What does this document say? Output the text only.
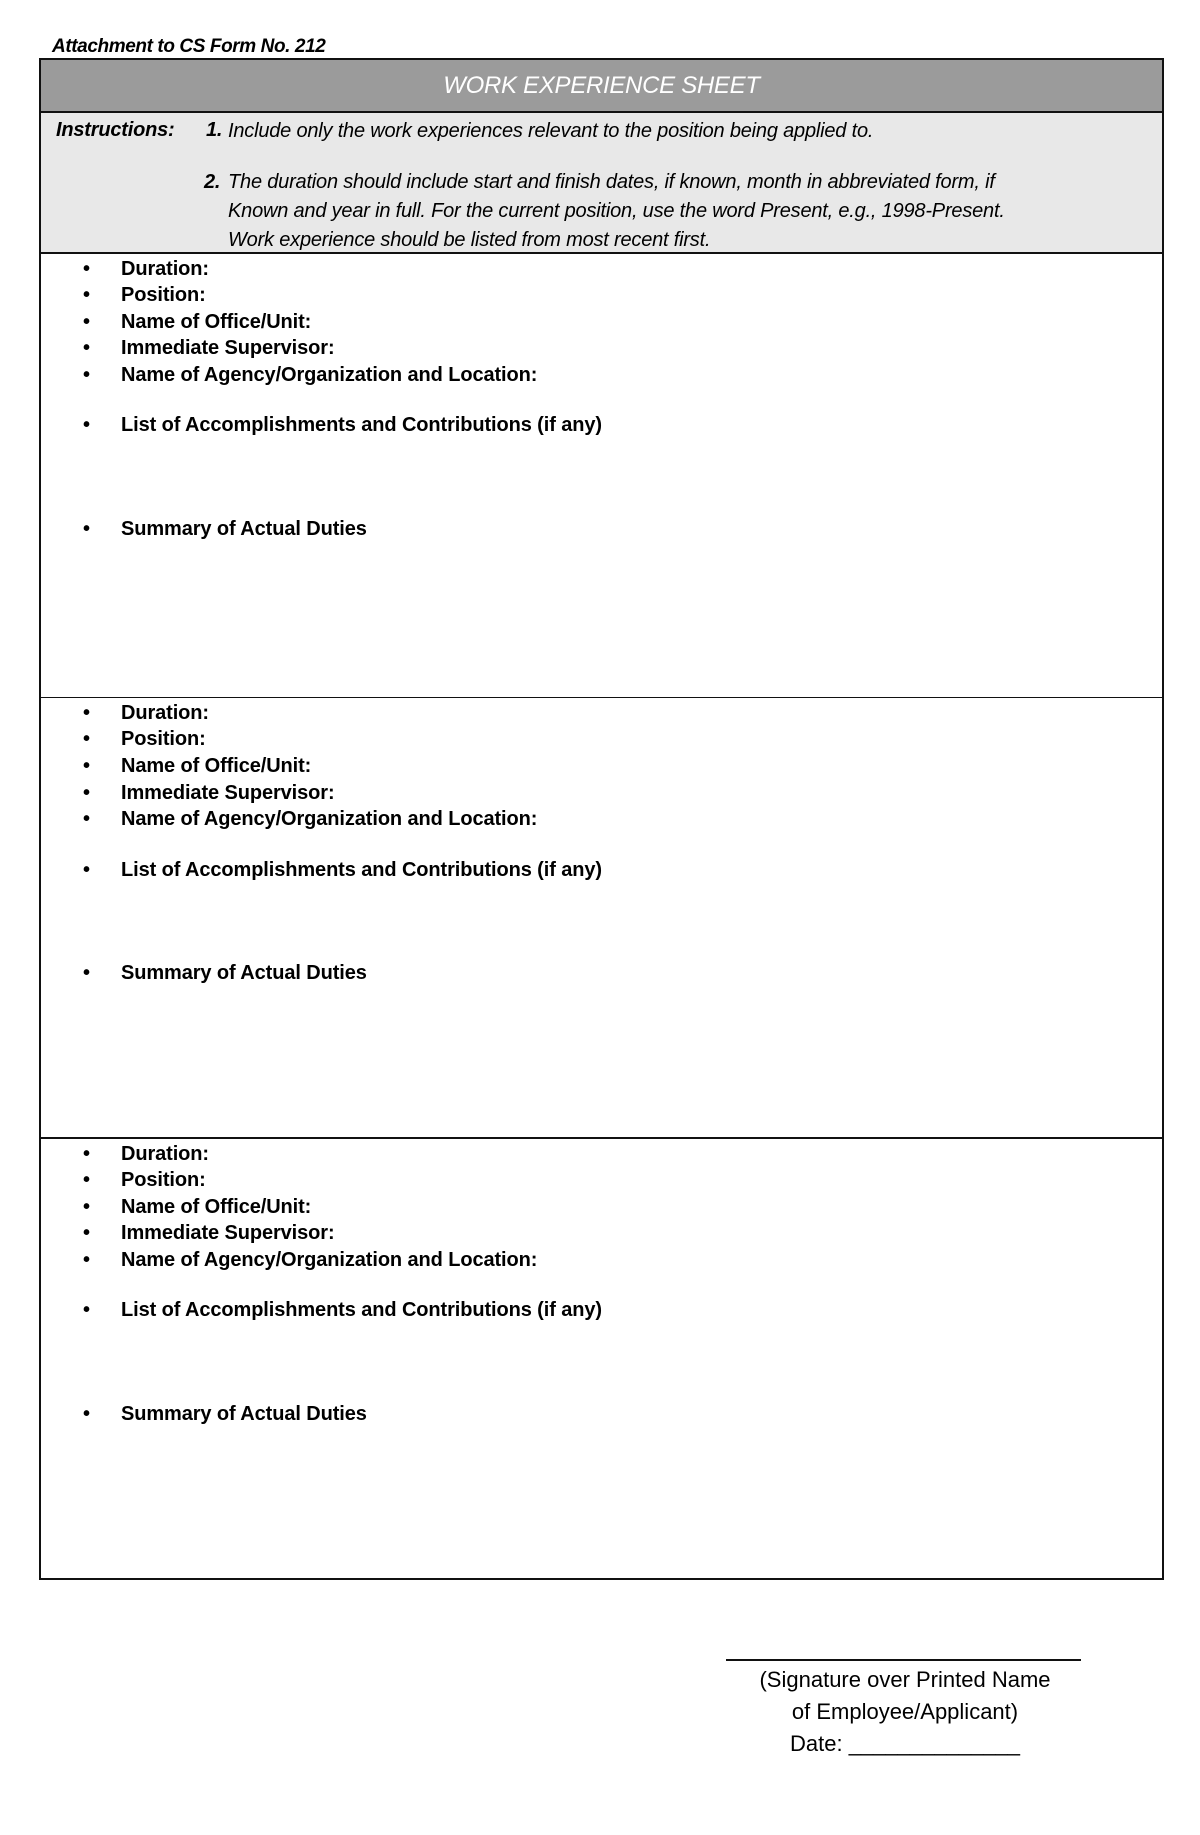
Attachment to CS Form No. 212
WORK EXPERIENCE SHEET
Instructions: 1. Include only the work experiences relevant to the position being applied to.
2. The duration should include start and finish dates, if known, month in abbreviated form, if
Known and year in full. For the current position, use the word Present, e.g., 1998-Present.
Work experience should be listed from most recent first.
• Duration:
• Position:
• Name of Office/Unit:
• Immediate Supervisor:
• Name of Agency/Organization and Location:
• List of Accomplishments and Contributions (if any)
• Summary of Actual Duties
• Duration:
• Position:
• Name of Office/Unit:
• Immediate Supervisor:
• Name of Agency/Organization and Location:
• List of Accomplishments and Contributions (if any)
• Summary of Actual Duties
• Duration:
• Position:
• Name of Office/Unit:
• Immediate Supervisor:
• Name of Agency/Organization and Location:
• List of Accomplishments and Contributions (if any)
• Summary of Actual Duties
(Signature over Printed Name
of Employee/Applicant)
Date: ______________
